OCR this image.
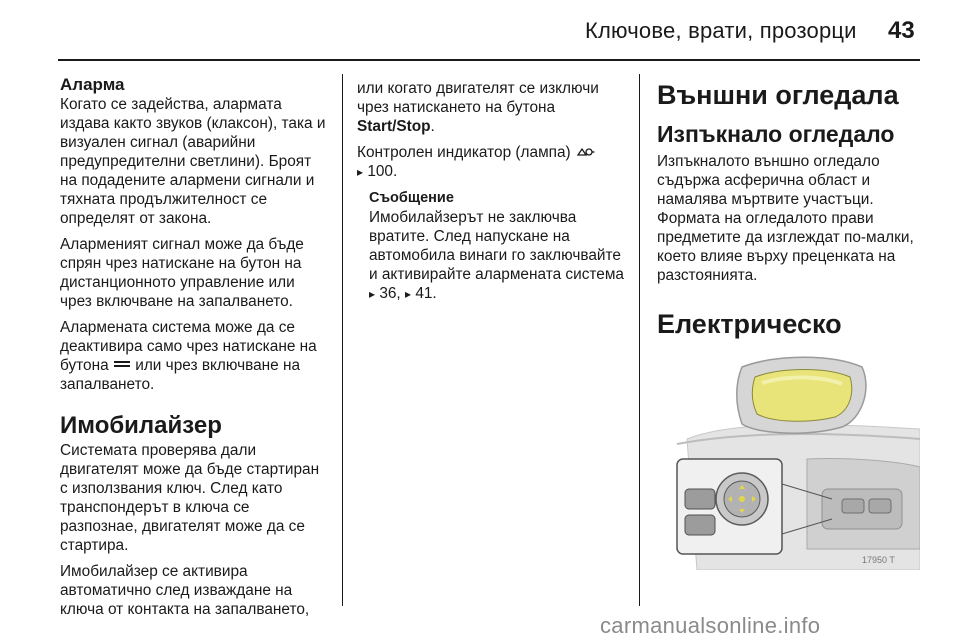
Ключове, врати, прозорци 43
Аларма

Когато се задейства, алармата издава както звуков (клаксон), така и визуален сигнал (аварийни предупредителни светлини). Броят на подадените алармени сигнали и тяхната продължителност се определят от закона.

Алармeният сигнал може да бъде спрян чрез натискане на бутон на дистанционното управление или чрез включване на запалването.

Алармената система може да се деактивира само чрез натискане на бутона или чрез включване на запалването.

Имобилайзер

Системата проверява дали двигателят може да бъде стартиран с използвания ключ. След като транспондерът в ключа се разпознае, двигателят може да се стартира.

Имобилайзер се активира автоматично след изваждане на ключа от контакта на запалването,

или когато двигателят се изключи чрез натискането на бутона Start/Stop.

Контролен индикатор (лампа)
▸ 100.

Съобщение
Имобилайзерът не заключва вратите. След напускане на автомобила винаги го заключвайте и активирайте алармената система ▸ 36, ▸ 41.
Външни огледала
Изпъкнало огледало

Изпъкналото външно огледало съдържа асферична област и намалява мъртвите участъци. Формата на огледалото прави предметите да изглеждат по-малки, което влияе върху преценката на разстоянията.

Електрическо

17950 T
carmanualsonline.info
